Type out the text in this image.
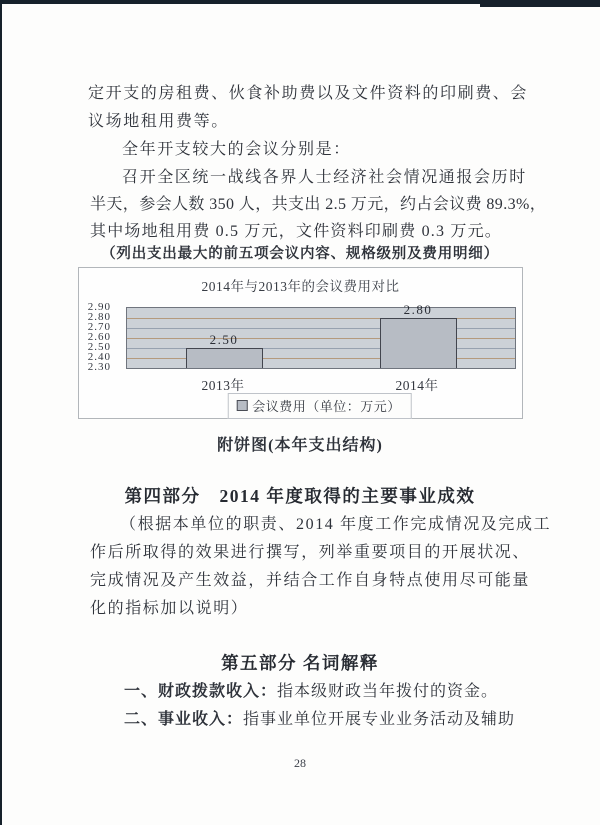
定开支的房租费、伙食补助费以及文件资料的印刷费、会
议场地租用费等。
全年开支较大的会议分别是：
召开全区统一战线各界人士经济社会情况通报会历时
半天，参会人数 350 人，共支出 2.5 万元，约占会议费 89.3%，
其中场地租用费 0.5 万元，文件资料印刷费 0.3 万元。
（列出支出最大的前五项会议内容、规格级别及费用明细）
2014年与2013年的会议费用对比
2.90
2.80
2.70
2.60
2.50
2.40
2.30
2.50
2.80
2013年	2014年
会议费用（单位：万元）
附饼图(本年支出结构)
第四部分　2014 年度取得的主要事业成效
（根据本单位的职责、2014 年度工作完成情况及完成工
作后所取得的效果进行撰写，列举重要项目的开展状况、
完成情况及产生效益，并结合工作自身特点使用尽可能量
化的指标加以说明）
第五部分 名词解释
一、财政拨款收入：指本级财政当年拨付的资金。
二、事业收入：指事业单位开展专业业务活动及辅助
28
